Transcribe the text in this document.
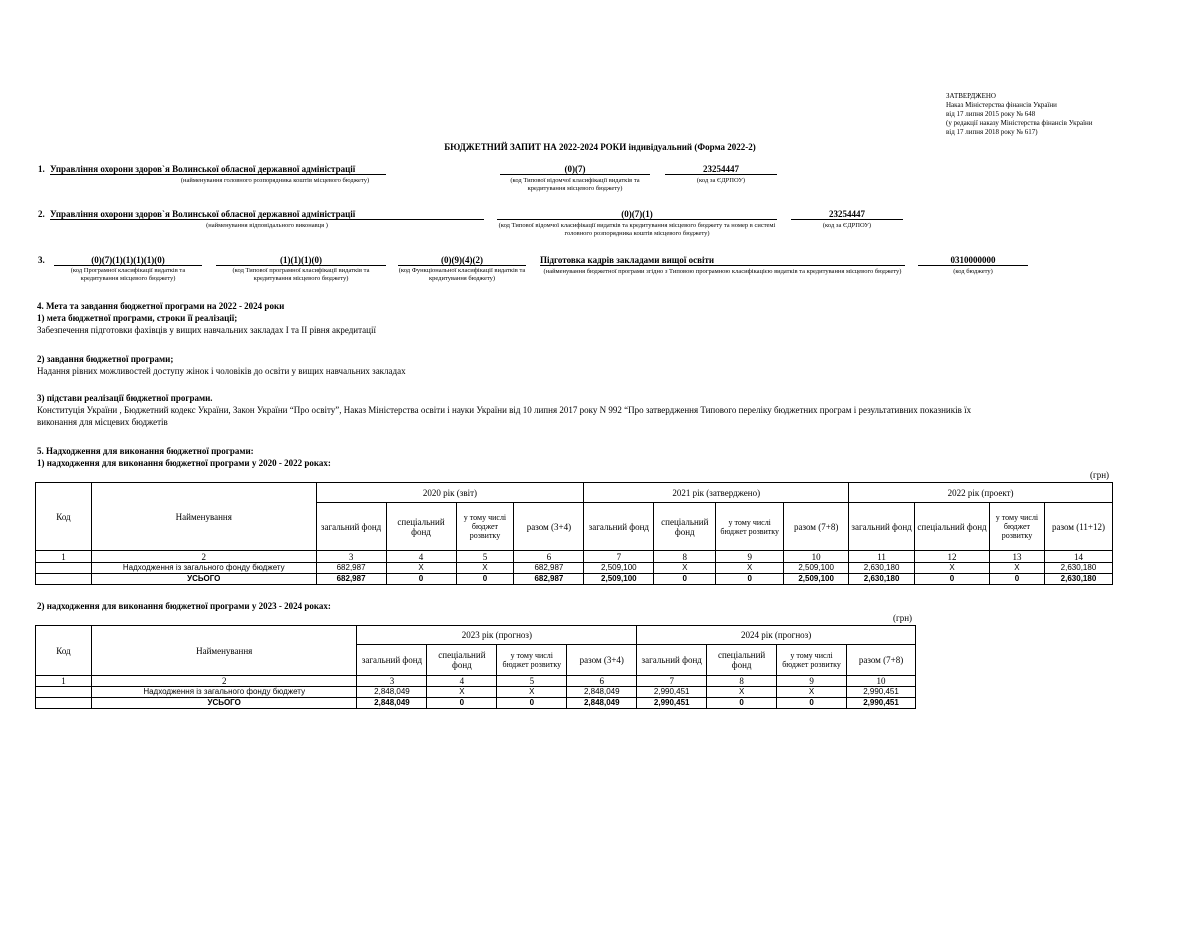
ЗАТВЕРДЖЕНО
Наказ Міністерства фінансів України
від 17 липня 2015 року № 648
(у редакції наказу Міністерства фінансів України
від 17 липня 2018 року № 617)
БЮДЖЕТНИЙ ЗАПИТ НА 2022-2024 РОКИ індивідуальний (Форма 2022-2)
1. Управління охорони здоров`я Волинської обласної державної адміністрації
(найменування головного розпорядника коштів місцевого бюджету)
(0)(7)
(код Типової відомчої класифікації видатків та кредитування місцевого бюджету)
23254447
(код за ЄДРПОУ)
2. Управління охорони здоров`я Волинської обласної державної адміністрації
(найменування відповідального виконавця )
(0)(7)(1)
(код Типової відомчої класифікації видатків та кредитування місцевого бюджету та номер в системі головного розпорядника коштів місцевого бюджету)
23254447
(код за ЄДРПОУ)
3.	(0)(7)(1)(1)(1)(1)(0)
(код Програмної класифікації видатків та кредитування місцевого бюджету)
(1)(1)(1)(0)
(код Типової програмної класифікації видатків та кредитування місцевого бюджету)
(0)(9)(4)(2)
(код Функціональної класифікації видатків та кредитування бюджету)
Підготовка кадрів закладами вищої освіти
(найменування бюджетної програми згідно з Типовою програмною класифікацією видатків та кредитування місцевого бюджету)
0310000000
(код бюджету)
4. Мета та завдання бюджетної програми на 2022 - 2024 роки
1) мета бюджетної програми, строки її реалізації;
Забезпечення підготовки фахівців у вищих навчальних закладах І та ІІ рівня акредитації
2) завдання бюджетної програми;
Надання рівних можливостей доступу жінок і чоловіків до освіти у вищих навчальних закладах
3) підстави реалізації бюджетної програми.
Конституція України , Бюджетний кодекс України, Закон України “Про освіту”, Наказ Міністерства освіти і науки України від 10 липня 2017 року N 992 “Про затвердження Типового переліку бюджетних програм і результативних показників їх
виконання для місцевих бюджетів
5. Надходження для виконання бюджетної програми:
1) надходження для виконання бюджетної програми у 2020 - 2022 роках:
(грн)
Код	Найменування	2020 рік (звіт)				2021 рік (затверджено)				2022 рік (проект)			
		загальний фонд	спеціальний фонд	у тому числі бюджет розвитку	разом (3+4)	загальний фонд	спеціальний фонд	у тому числі бюджет розвитку	разом (7+8)	загальний фонд	спеціальний фонд	у тому числі бюджет розвитку	разом (11+12)
1	2	3	4	5	6	7	8	9	10	11	12	13	14
	Надходження із загального фонду бюджету	682,987	X	X	682,987	2,509,100	X	X	2,509,100	2,630,180	X	X	2,630,180
	УСЬОГО	682,987	0	0	682,987	2,509,100	0	0	2,509,100	2,630,180	0	0	2,630,180
2) надходження для виконання бюджетної програми у 2023 - 2024 роках:
(грн)
Код	Найменування	2023 рік (прогноз)				2024 рік (прогноз)			
		загальний фонд	спеціальний фонд	у тому числі бюджет розвитку	разом (3+4)	загальний фонд	спеціальний фонд	у тому числі бюджет розвитку	разом (7+8)
1	2	3	4	5	6	7	8	9	10
	Надходження із загального фонду бюджету	2,848,049	X	X	2,848,049	2,990,451	X	X	2,990,451
	УСЬОГО	2,848,049	0	0	2,848,049	2,990,451	0	0	2,990,451
